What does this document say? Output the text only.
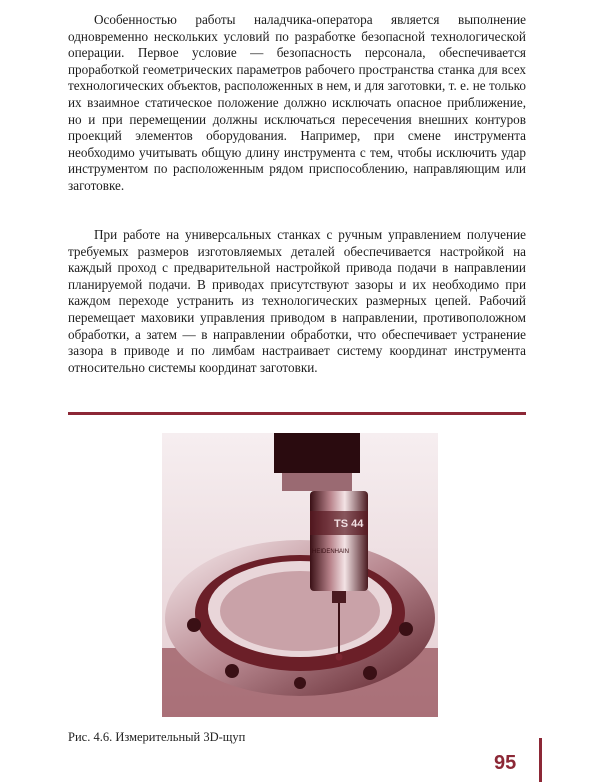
Особенностью работы наладчика-оператора является выполнение одновременно нескольких условий по разработке безопасной технологической операции. Первое условие — безопасность персонала, обеспечивается проработкой геометрических параметров рабочего пространства станка для всех технологических объектов, расположенных в нем, и для заготовки, т. е. не только их взаимное статическое положение должно исключать опасное приближение, но и при перемещении должны исключаться пересечения внешних контуров проекций элементов оборудования. Например, при смене инструмента необходимо учитывать общую длину инструмента с тем, чтобы исключить удар инструментом по расположенным рядом приспособлению, направляющим или заготовке.

При работе на универсальных станках с ручным управлением получение требуемых размеров изготовляемых деталей обеспечивается настройкой на каждый проход с предварительной настройкой привода подачи в направлении планируемой подачи. В приводах присутствуют зазоры и их необходимо при каждом переходе устранить из технологических размерных цепей. Рабочий перемещает маховики управления приводом в направлении, противоположном обработки, а затем — в направлении обработки, что обеспечивает устранение зазора в приводе и по лимбам настраивает систему координат инструмента относительно системы координат заготовки.

TS 44
HEIDENHAIN
Рис. 4.6. Измерительный 3D-щуп
95
